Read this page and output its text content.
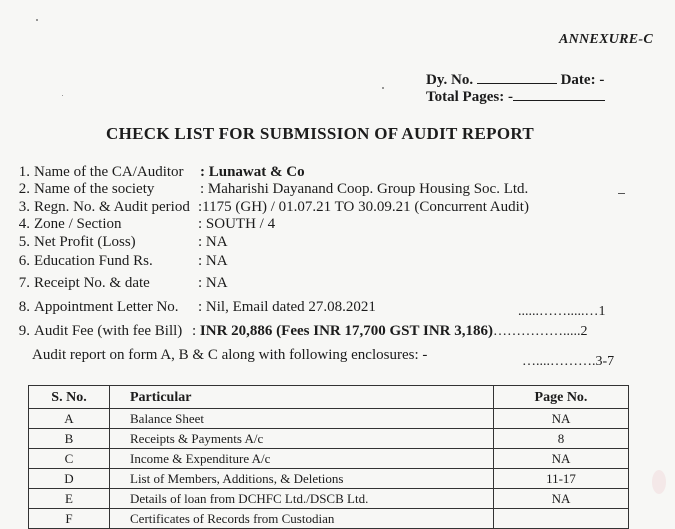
ANNEXURE-C
Dy. No.	Date: -
Total Pages: -
CHECK LIST FOR SUBMISSION OF AUDIT REPORT
1. Name of the CA/Auditor : Lunawat & Co
2. Name of the society	: Maharishi Dayanand Coop. Group Housing Soc. Ltd.
3. Regn. No. & Audit period :1175 (GH) / 01.07.21 TO 30.09.21 (Concurrent Audit)
4. Zone / Section	: SOUTH / 4
5. Net Profit (Loss)	: NA
6. Education Fund Rs.	: NA
7. Receipt No. & date	: NA
8. Appointment Letter No. : Nil, Email dated 27.08.2021	......…….....…1
9. Audit Fee (with fee Bill) : INR 20,886 (Fees INR 17,700 GST INR 3,186)…………….....2
Audit report on form A, B & C along with following enclosures: -	…....……….3-7
S. No.	Particular	Page No.
A	Balance Sheet	NA
B	Receipts & Payments A/c	8
C	Income & Expenditure A/c	NA
D	List of Members, Additions, & Deletions	11-17
E	Details of loan from DCHFC Ltd./DSCB Ltd.	NA
F	Certificates of Records from Custodian	
